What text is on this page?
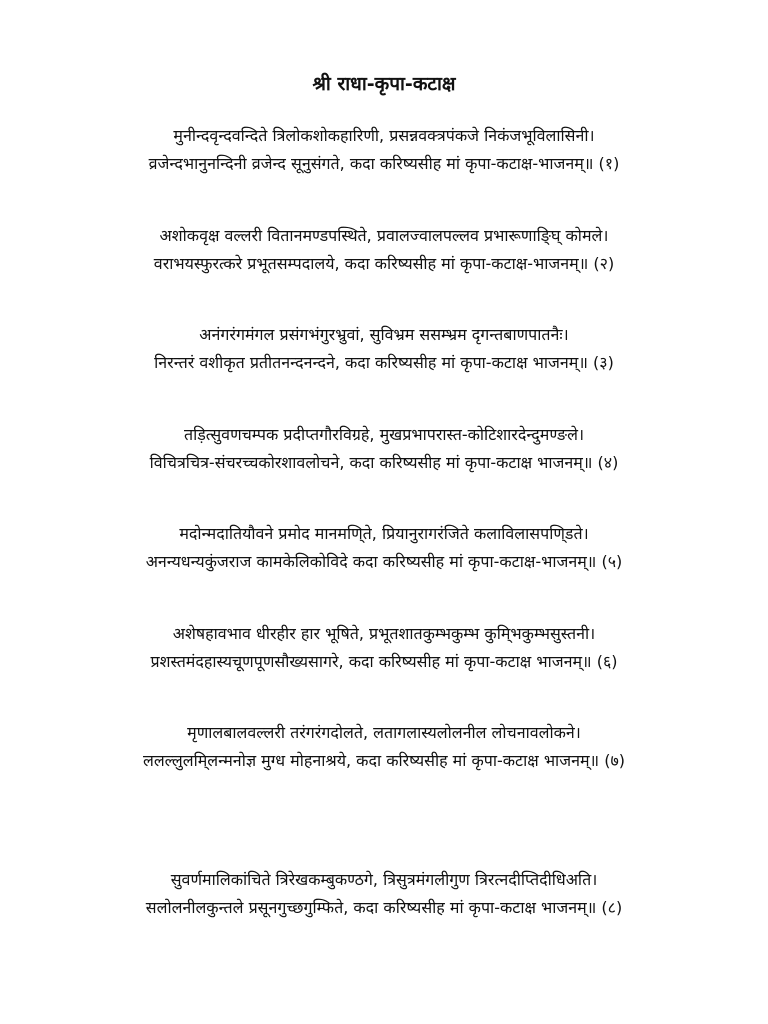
श्री राधा-कृपा-कटाक्ष
मुनीन्दवृन्दवन्दिते त्रिलोकशोकहारिणी, प्रसन्नवक्त्रपंकजे निकंजभूविलासिनी।
व्रजेन्दभानुनन्दिनी व्रजेन्द सूनुसंगते, कदा करिष्यसीह मां कृपा-कटाक्ष-भाजनम्॥ (१)
अशोकवृक्ष वल्लरी वितानमण्डपस्थिते, प्रवालज्वालपल्लव प्रभारूणाङि्घ् कोमले।
वराभयस्फुरत्करे प्रभूतसम्पदालये, कदा करिष्यसीह मां कृपा-कटाक्ष-भाजनम्॥ (२)
अनंगरंगमंगल प्रसंगभंगुरभ्रुवां, सुविभ्रम ससम्भ्रम दृगन्तबाणपातनैः।
निरन्तरं वशीकृत प्रतीतनन्दनन्दने, कदा करिष्यसीह मां कृपा-कटाक्ष भाजनम्॥ (३)
तड़ित्सुवणचम्पक प्रदीप्तगौरविग्रहे, मुखप्रभापरास्त-कोटिशारदेन्दुमण्ङले।
विचित्रचित्र-संचरच्चकोरशावलोचने, कदा करिष्यसीह मां कृपा-कटाक्ष भाजनम्॥ (४)
मदोन्मदातियौवने प्रमोद मानमणि्ते, प्रियानुरागरंजिते कलाविलासपणि्डते।
अनन्यधन्यकुंजराज कामकेलिकोविदे कदा करिष्यसीह मां कृपा-कटाक्ष-भाजनम्॥ (५)
अशेषहावभाव धीरहीर हार भूषिते, प्रभूतशातकुम्भकुम्भ कुमि्भकुम्भसुस्तनी।
प्रशस्तमंदहास्यचूणपूणसौख्यसागरे, कदा करिष्यसीह मां कृपा-कटाक्ष भाजनम्॥ (६)
मृणालबालवल्लरी तरंगरंगदोलते, लतागलास्यलोलनील लोचनावलोकने।
ललल्लुलमि्लन्मनोज्ञ मुग्ध मोहनाश्रये, कदा करिष्यसीह मां कृपा-कटाक्ष भाजनम्॥ (७)
सुवर्णमालिकांचिते त्रिरेखकम्बुकण्ठगे, त्रिसुत्रमंगलीगुण त्रिरत्नदीप्तिदीधिअति।
सलोलनीलकुन्तले प्रसूनगुच्छगुम्फिते, कदा करिष्यसीह मां कृपा-कटाक्ष भाजनम्॥ (८)
